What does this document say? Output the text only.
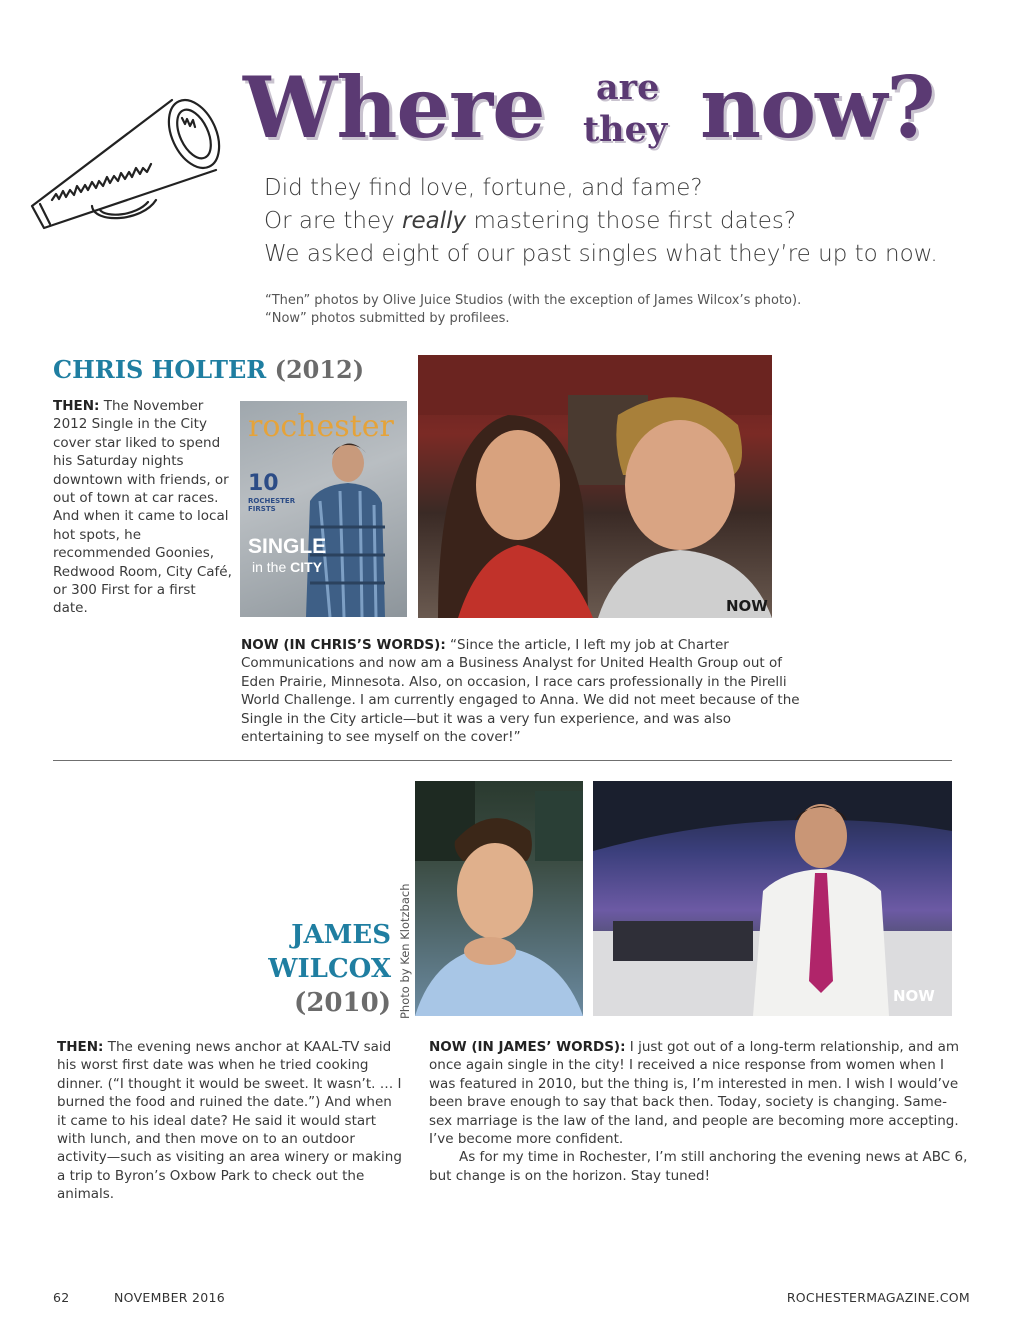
Where are
they now?
Did they find love, fortune, and fame?
Or are they really mastering those first dates?
We asked eight of our past singles what they’re up to now.
“Then” photos by Olive Juice Studios (with the exception of James Wilcox’s photo).
“Now” photos submitted by profilees.
CHRIS HOLTER (2012)
THEN: The November 2012 Single in the City cover star liked to spend his Saturday nights downtown with friends, or out of town at car races. And when it came to local hot spots, he recommended Goonies, Redwood Room, City Café, or 300 First for a first date.
rochester
10
ROCHESTER FIRSTS
SINGLE
in the CITY
NOW
NOW (IN CHRIS’S WORDS): “Since the article, I left my job at Charter Communications and now am a Business Analyst for United Health Group out of Eden Prairie, Minnesota. Also, on occasion, I race cars professionally in the Pirelli World Challenge. I am currently engaged to Anna. We did not meet because of the Single in the City article—but it was a very fun experience, and was also entertaining to see myself on the cover!”
NOW
Photo by Ken Klotzbach
JAMES
WILCOX
(2010)
THEN: The evening news anchor at KAAL-TV said his worst first date was when he tried cooking dinner. (“I thought it would be sweet. It wasn’t. … I burned the food and ruined the date.”) And when it came to his ideal date? He said it would start with lunch, and then move on to an outdoor activity—such as visiting an area winery or making a trip to Byron’s Oxbow Park to check out the animals.
NOW (IN JAMES’ WORDS): I just got out of a long-term relationship, and am once again single in the city! I received a nice response from women when I was featured in 2010, but the thing is, I’m interested in men. I wish I would’ve been brave enough to say that back then. Today, society is changing. Same-sex marriage is the law of the land, and people are becoming more accepting. I’ve become more confident.
As for my time in Rochester, I’m still anchoring the evening news at ABC 6, but change is on the horizon. Stay tuned!
62	NOVEMBER 2016	ROCHESTERMAGAZINE.COM
